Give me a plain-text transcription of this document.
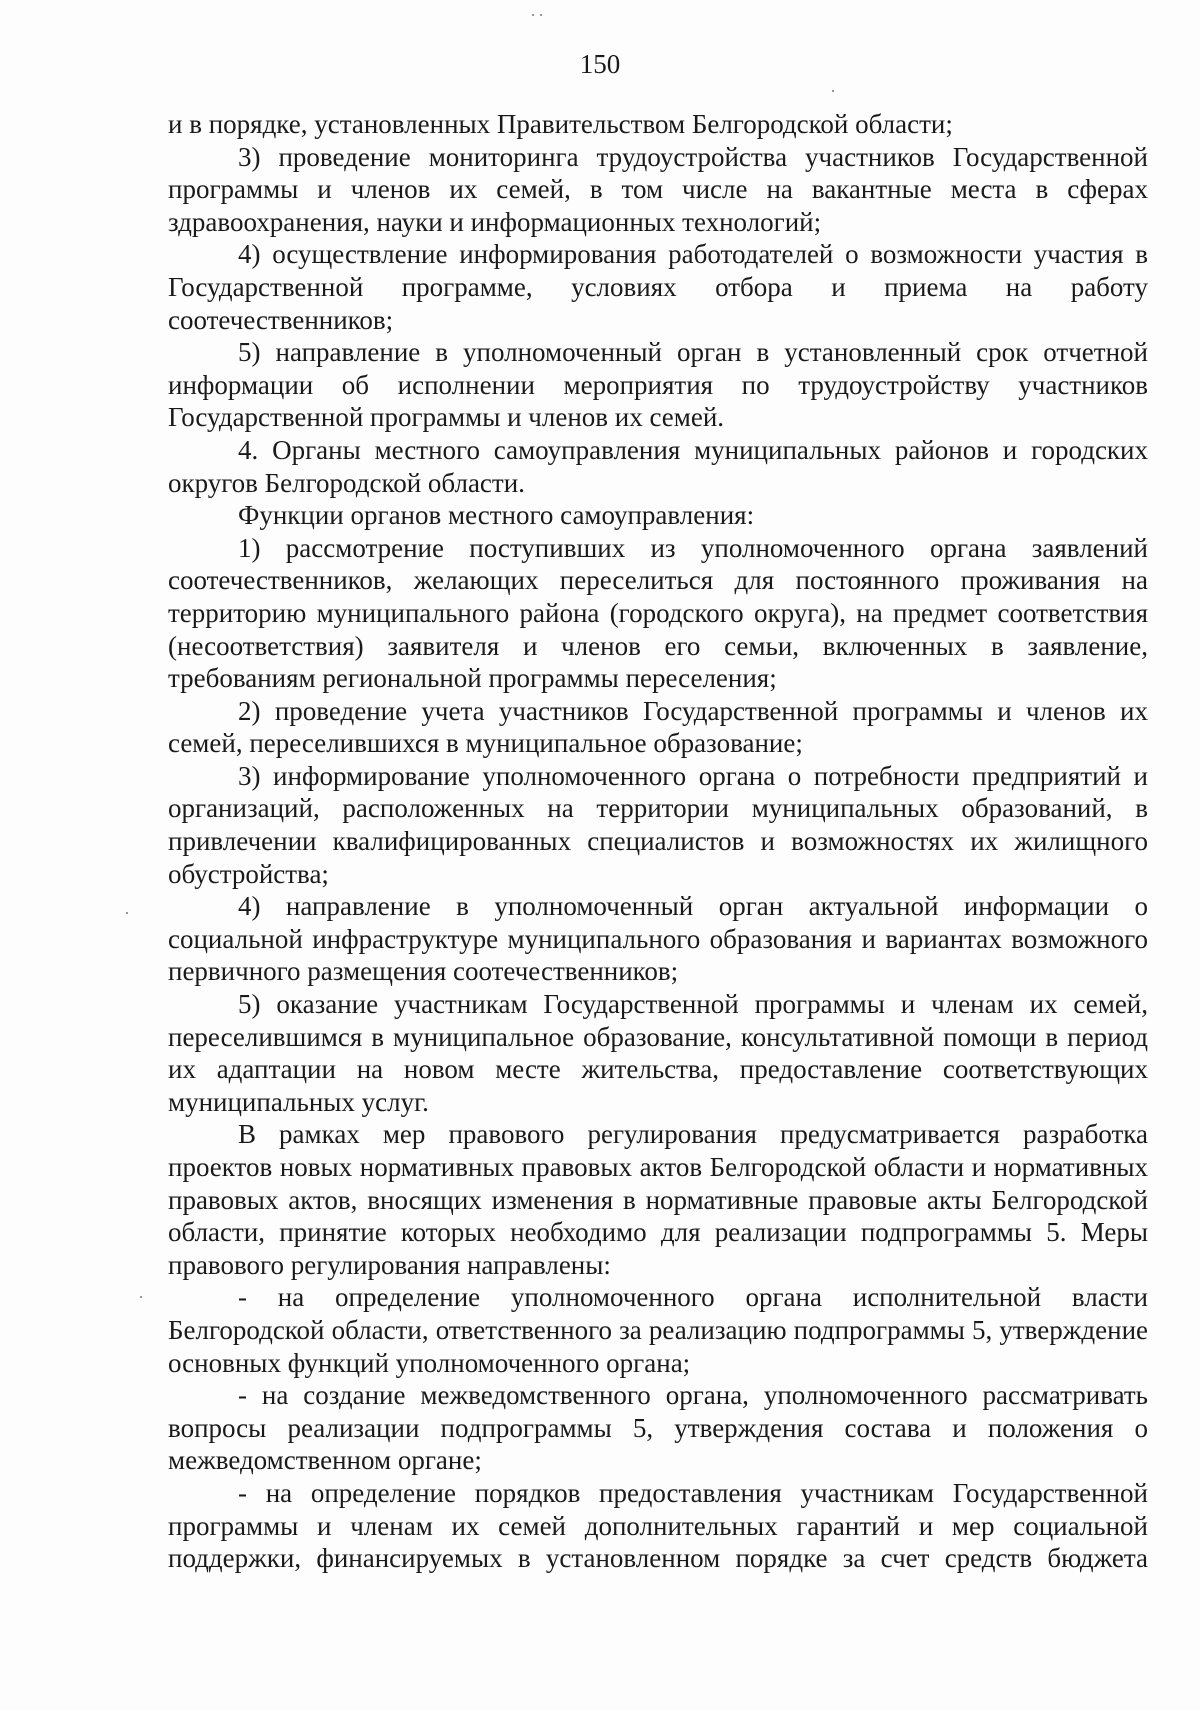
150

и в порядке, установленных Правительством Белгородской области;

3) проведение мониторинга трудоустройства участников Государственной программы и членов их семей, в том числе на вакантные места в сферах здравоохранения, науки и информационных технологий;

4) осуществление информирования работодателей о возможности участия в Государственной программе, условиях отбора и приема на работу соотечественников;

5) направление в уполномоченный орган в установленный срок отчетной информации об исполнении мероприятия по трудоустройству участников Государственной программы и членов их семей.

4. Органы местного самоуправления муниципальных районов и городских округов Белгородской области.

Функции органов местного самоуправления:

1) рассмотрение поступивших из уполномоченного органа заявлений соотечественников, желающих переселиться для постоянного проживания на территорию муниципального района (городского округа), на предмет соответствия (несоответствия) заявителя и членов его семьи, включенных в заявление, требованиям региональной программы переселения;

2) проведение учета участников Государственной программы и членов их семей, переселившихся в муниципальное образование;

3) информирование уполномоченного органа о потребности предприятий и организаций, расположенных на территории муниципальных образований, в привлечении квалифицированных специалистов и возможностях их жилищного обустройства;

4) направление в уполномоченный орган актуальной информации о социальной инфраструктуре муниципального образования и вариантах возможного первичного размещения соотечественников;

5) оказание участникам Государственной программы и членам их семей, переселившимся в муниципальное образование, консультативной помощи в период их адаптации на новом месте жительства, предоставление соответствующих муниципальных услуг.

В рамках мер правового регулирования предусматривается разработка проектов новых нормативных правовых актов Белгородской области и нормативных правовых актов, вносящих изменения в нормативные правовые акты Белгородской области, принятие которых необходимо для реализации подпрограммы 5. Меры правового регулирования направлены:

- на определение уполномоченного органа исполнительной власти Белгородской области, ответственного за реализацию подпрограммы 5, утверждение основных функций уполномоченного органа;

- на создание межведомственного органа, уполномоченного рассматривать вопросы реализации подпрограммы 5, утверждения состава и положения о межведомственном органе;

- на определение порядков предоставления участникам Государственной программы и членам их семей дополнительных гарантий и мер социальной поддержки, финансируемых в установленном порядке за счет средств бюджета
